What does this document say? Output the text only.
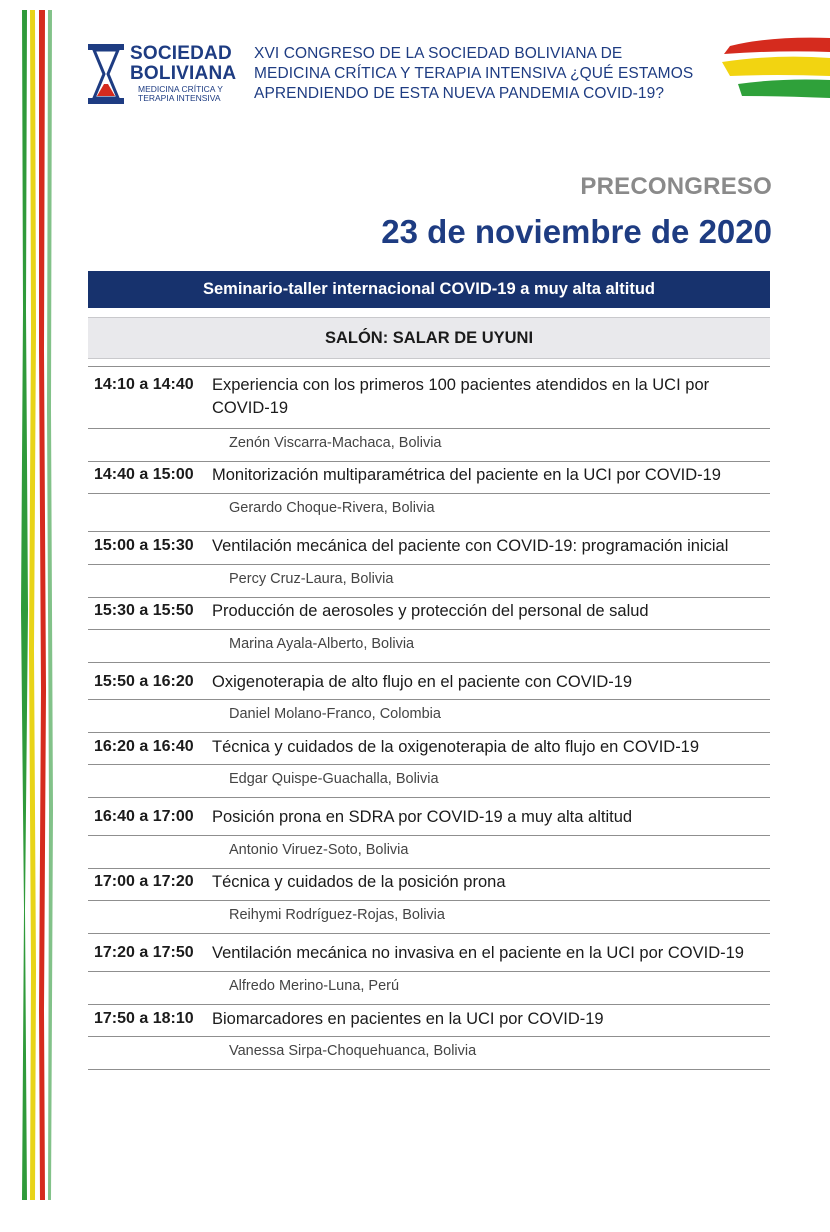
SOCIEDAD
BOLIVIANA
MEDICINA CRÍTICA Y
TERAPIA INTENSIVA
XVI CONGRESO DE LA SOCIEDAD BOLIVIANA DE
MEDICINA CRÍTICA Y TERAPIA INTENSIVA ¿QUÉ ESTAMOS
APRENDIENDO DE ESTA NUEVA PANDEMIA COVID-19?
PRECONGRESO
23 de noviembre de 2020
Seminario-taller internacional COVID-19 a muy alta altitud
SALÓN: SALAR DE UYUNI
14:10 a 14:40 Experiencia con los primeros 100 pacientes atendidos en la UCI por COVID-19
Zenón Viscarra-Machaca, Bolivia
14:40 a 15:00 Monitorización multiparamétrica del paciente en la UCI por COVID-19
Gerardo Choque-Rivera, Bolivia
15:00 a 15:30 Ventilación mecánica del paciente con COVID-19: programación inicial
Percy Cruz-Laura, Bolivia
15:30 a 15:50 Producción de aerosoles y protección del personal de salud
Marina Ayala-Alberto, Bolivia
15:50 a 16:20 Oxigenoterapia de alto flujo en el paciente con COVID-19
Daniel Molano-Franco, Colombia
16:20 a 16:40 Técnica y cuidados de la oxigenoterapia de alto flujo en COVID-19
Edgar Quispe-Guachalla, Bolivia
16:40 a 17:00 Posición prona en SDRA por COVID-19 a muy alta altitud
Antonio Viruez-Soto, Bolivia
17:00 a 17:20 Técnica y cuidados de la posición prona
Reihymi Rodríguez-Rojas, Bolivia
17:20 a 17:50 Ventilación mecánica no invasiva en el paciente en la UCI por COVID-19
Alfredo Merino-Luna, Perú
17:50 a 18:10 Biomarcadores en pacientes en la UCI por COVID-19
Vanessa Sirpa-Choquehuanca, Bolivia
